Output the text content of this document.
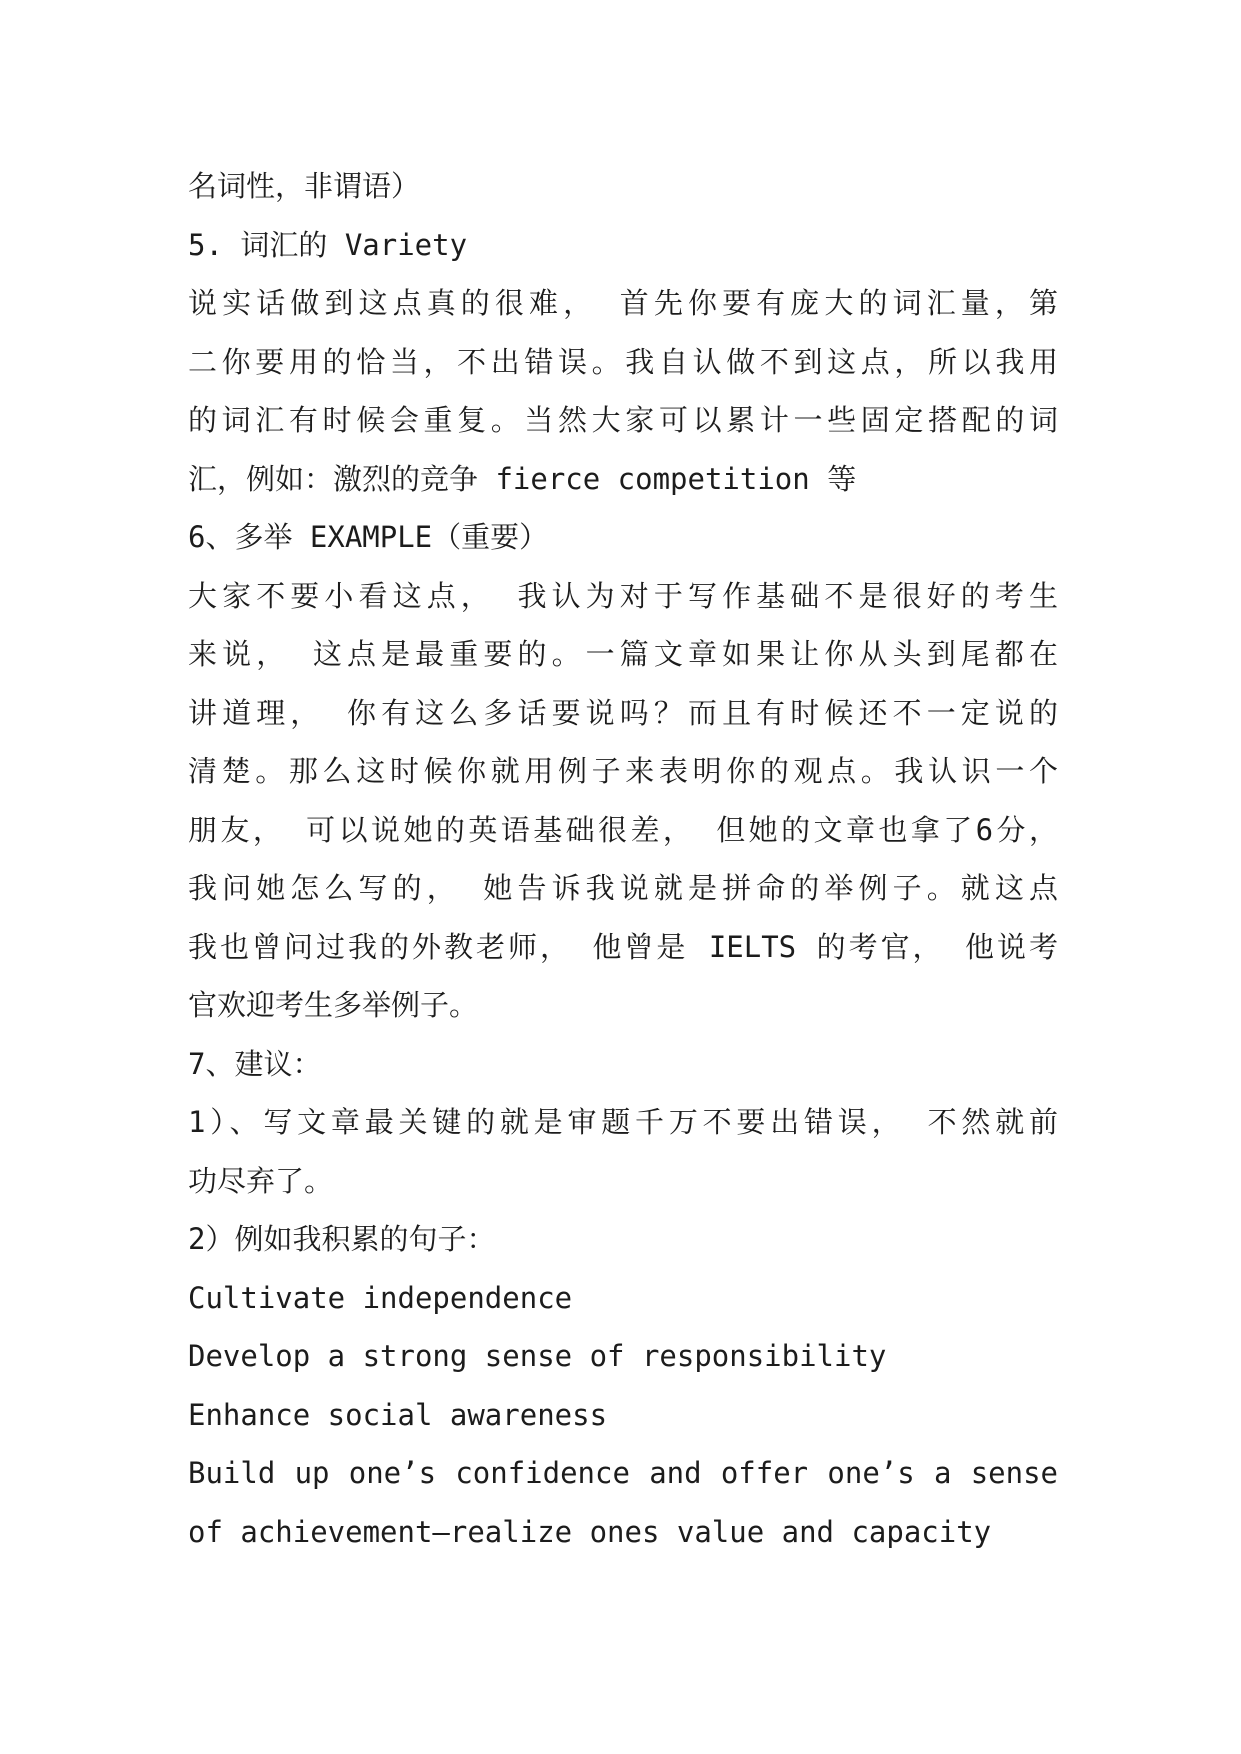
名词性，非谓语）
5. 词汇的 Variety
说实话做到这点真的很难， 首先你要有庞大的词汇量，第
二你要用的恰当，不出错误。我自认做不到这点，所以我用
的词汇有时候会重复。当然大家可以累计一些固定搭配的词
汇，例如：激烈的竞争 fierce competition 等
6、多举 EXAMPLE（重要）
大家不要小看这点， 我认为对于写作基础不是很好的考生
来说， 这点是最重要的。一篇文章如果让你从头到尾都在
讲道理， 你有这么多话要说吗？而且有时候还不一定说的
清楚。那么这时候你就用例子来表明你的观点。我认识一个
朋友， 可以说她的英语基础很差， 但她的文章也拿了6分，
我问她怎么写的， 她告诉我说就是拼命的举例子。就这点
我也曾问过我的外教老师， 他曾是 IELTS 的考官， 他说考
官欢迎考生多举例子。
7、建议：
1）、写文章最关键的就是审题千万不要出错误， 不然就前
功尽弃了。
2）例如我积累的句子：
Cultivate independence
Develop a strong sense of responsibility
Enhance social awareness
Build up one’s confidence and offer one’s a sense
of achievement—realize ones value and capacity
